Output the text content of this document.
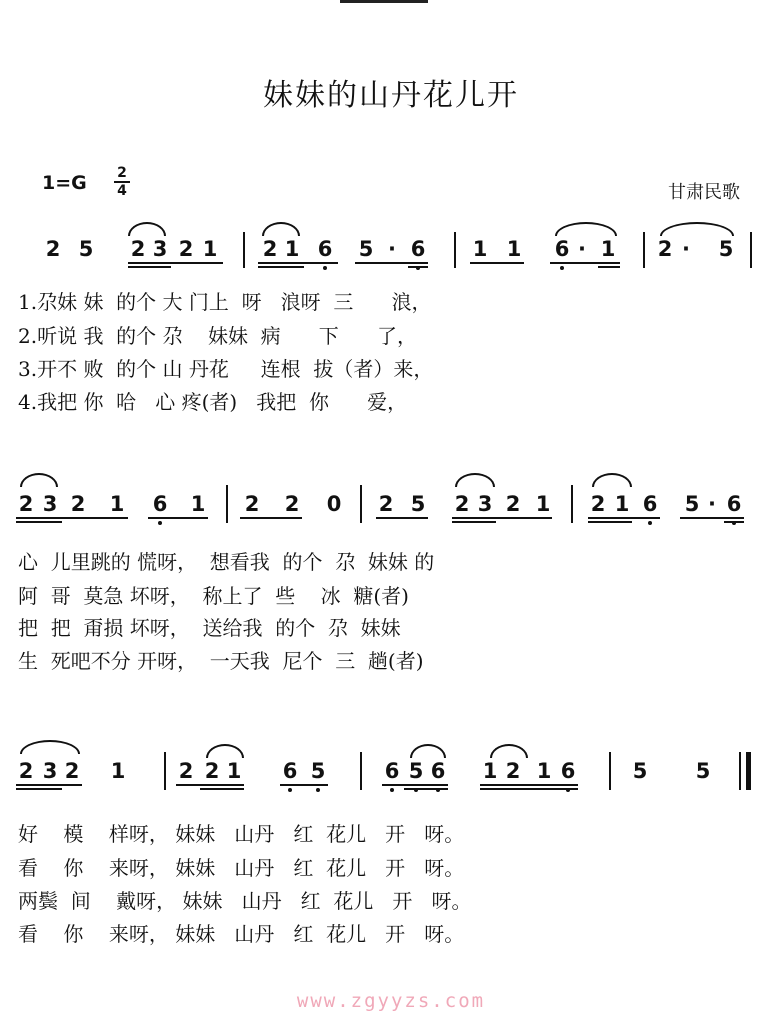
妹妹的山丹花儿开
1=G 2
4	甘肃民歌
2 5 2 3 2 1 2 1 6 5 · 6 1 1 6 · 1 2 · 5
1.尕妹 妹  的个 大 门上  呀   浪呀  三      浪，
2.听说 我  的个 尕    妹妹  病      下      了，
3.开不 败  的个 山 丹花     连根  拔（者）来，
4.我把 你  哈   心 疼(者)   我把  你      爱，
2 3 2 1 6 1 2 2 0 2 5 2 3 2 1 2 1 6 5 · 6
心  儿里跳的 慌呀，  想看我  的个  尕  妹妹 的
阿  哥  莫急 坏呀，  称上了  些    冰  糖(者)
把  把  甭损 坏呀，  送给我  的个  尕  妹妹
生  死吧不分 开呀，  一天我  尼个  三  趟(者)
2 3 2 1	2 2 1 6 5	6 5 6 1 2 1 6	5 5
好    模    样呀， 妹妹   山丹   红  花儿   开   呀。
看    你    来呀， 妹妹   山丹   红  花儿   开   呀。
两鬓  间    戴呀， 妹妹   山丹   红  花儿   开   呀。
看    你    来呀， 妹妹   山丹   红  花儿   开   呀。
www.zgyyzs.com
